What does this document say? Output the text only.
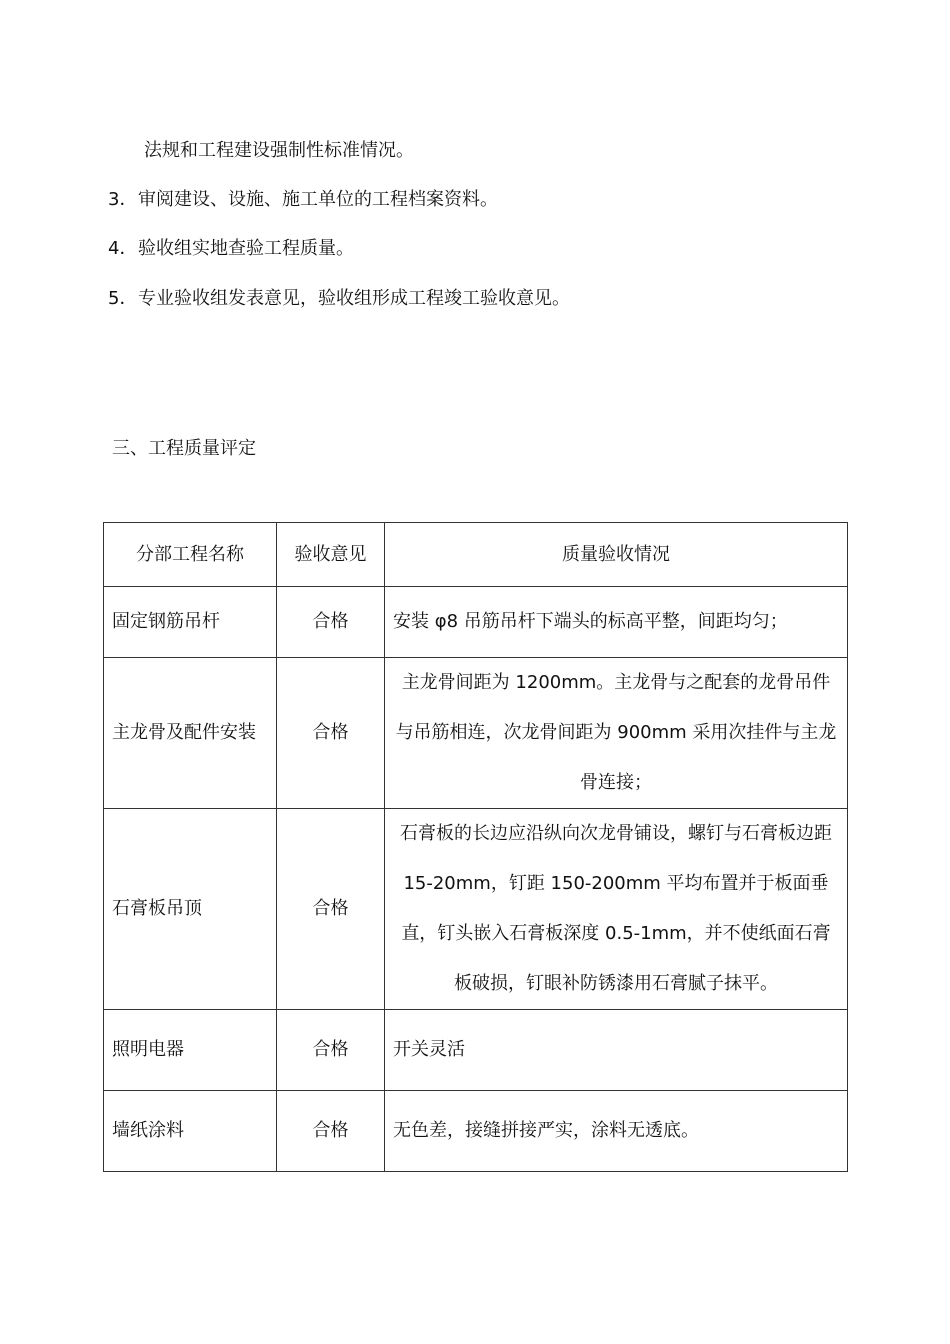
法规和工程建设强制性标准情况。
3．审阅建设、设施、施工单位的工程档案资料。
4．验收组实地查验工程质量。
5．专业验收组发表意见，验收组形成工程竣工验收意见。
三、工程质量评定
分部工程名称	验收意见	质量验收情况
固定钢筋吊杆	合格	安装 φ8 吊筋吊杆下端头的标高平整，间距均匀；
主龙骨及配件安装	合格	主龙骨间距为 1200mm。主龙骨与之配套的龙骨吊件与吊筋相连，次龙骨间距为 900mm 采用次挂件与主龙骨连接；
石膏板吊顶	合格	石膏板的长边应沿纵向次龙骨铺设，螺钉与石膏板边距 15-20mm，钉距 150-200mm 平均布置并于板面垂直，钉头嵌入石膏板深度 0.5-1mm，并不使纸面石膏板破损，钉眼补防锈漆用石膏腻子抹平。
照明电器	合格	开关灵活
墙纸涂料	合格	无色差，接缝拼接严实，涂料无透底。
